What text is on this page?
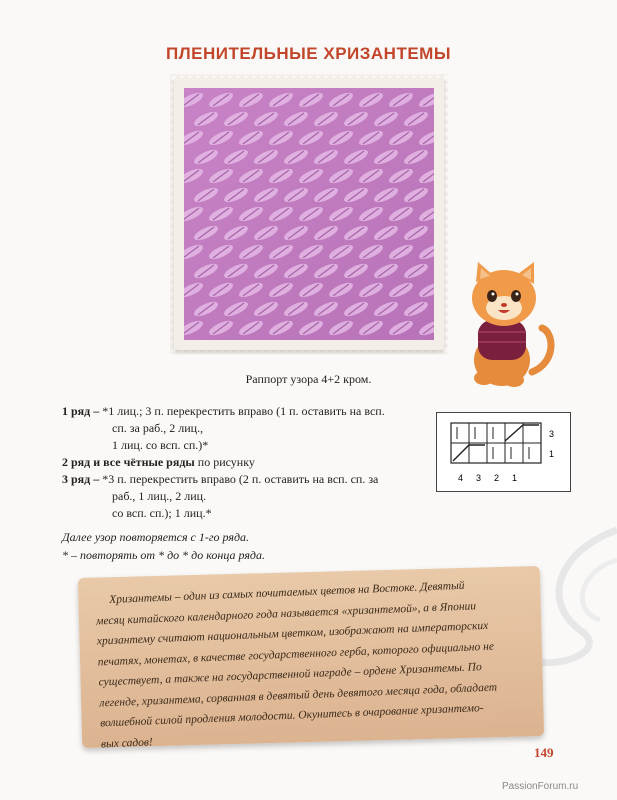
ПЛЕНИТЕЛЬНЫЕ ХРИЗАНТЕМЫ
Раппорт узора 4+2 кром.

1 ряд – *1 лиц.; 3 п. перекрестить вправо (1 п. оставить на всп.

сп. за раб., 2 лиц.,

1 лиц. со всп. сп.)*

2 ряд и все чётные ряды по рисунку

3 ряд – *3 п. перекрестить вправо (2 п. оставить на всп. сп. за

раб., 1 лиц., 2 лиц.

со всп. сп.); 1 лиц.*

3
1
4 3 2 1

Далее узор повторяется с 1-го ряда.

* – повторять от * до * до конца ряда.

Хризантемы – один из самых почитаемых цветов на Востоке. Девятый
месяц китайского календарного года называется «хризантемой», а в Японии
хризантему считают национальным цветком, изображают на императорских
печатях, монетах, в качестве государственного герба, которого официально не
существует, а также на государственной награде – ордене Хризантемы. По
легенде, хризантема, сорванная в девятый день девятого месяца года, обладает
волшебной силой продления молодости. Окунитесь в очарование хризантемо-
вых садов!
149
PassionForum.ru
